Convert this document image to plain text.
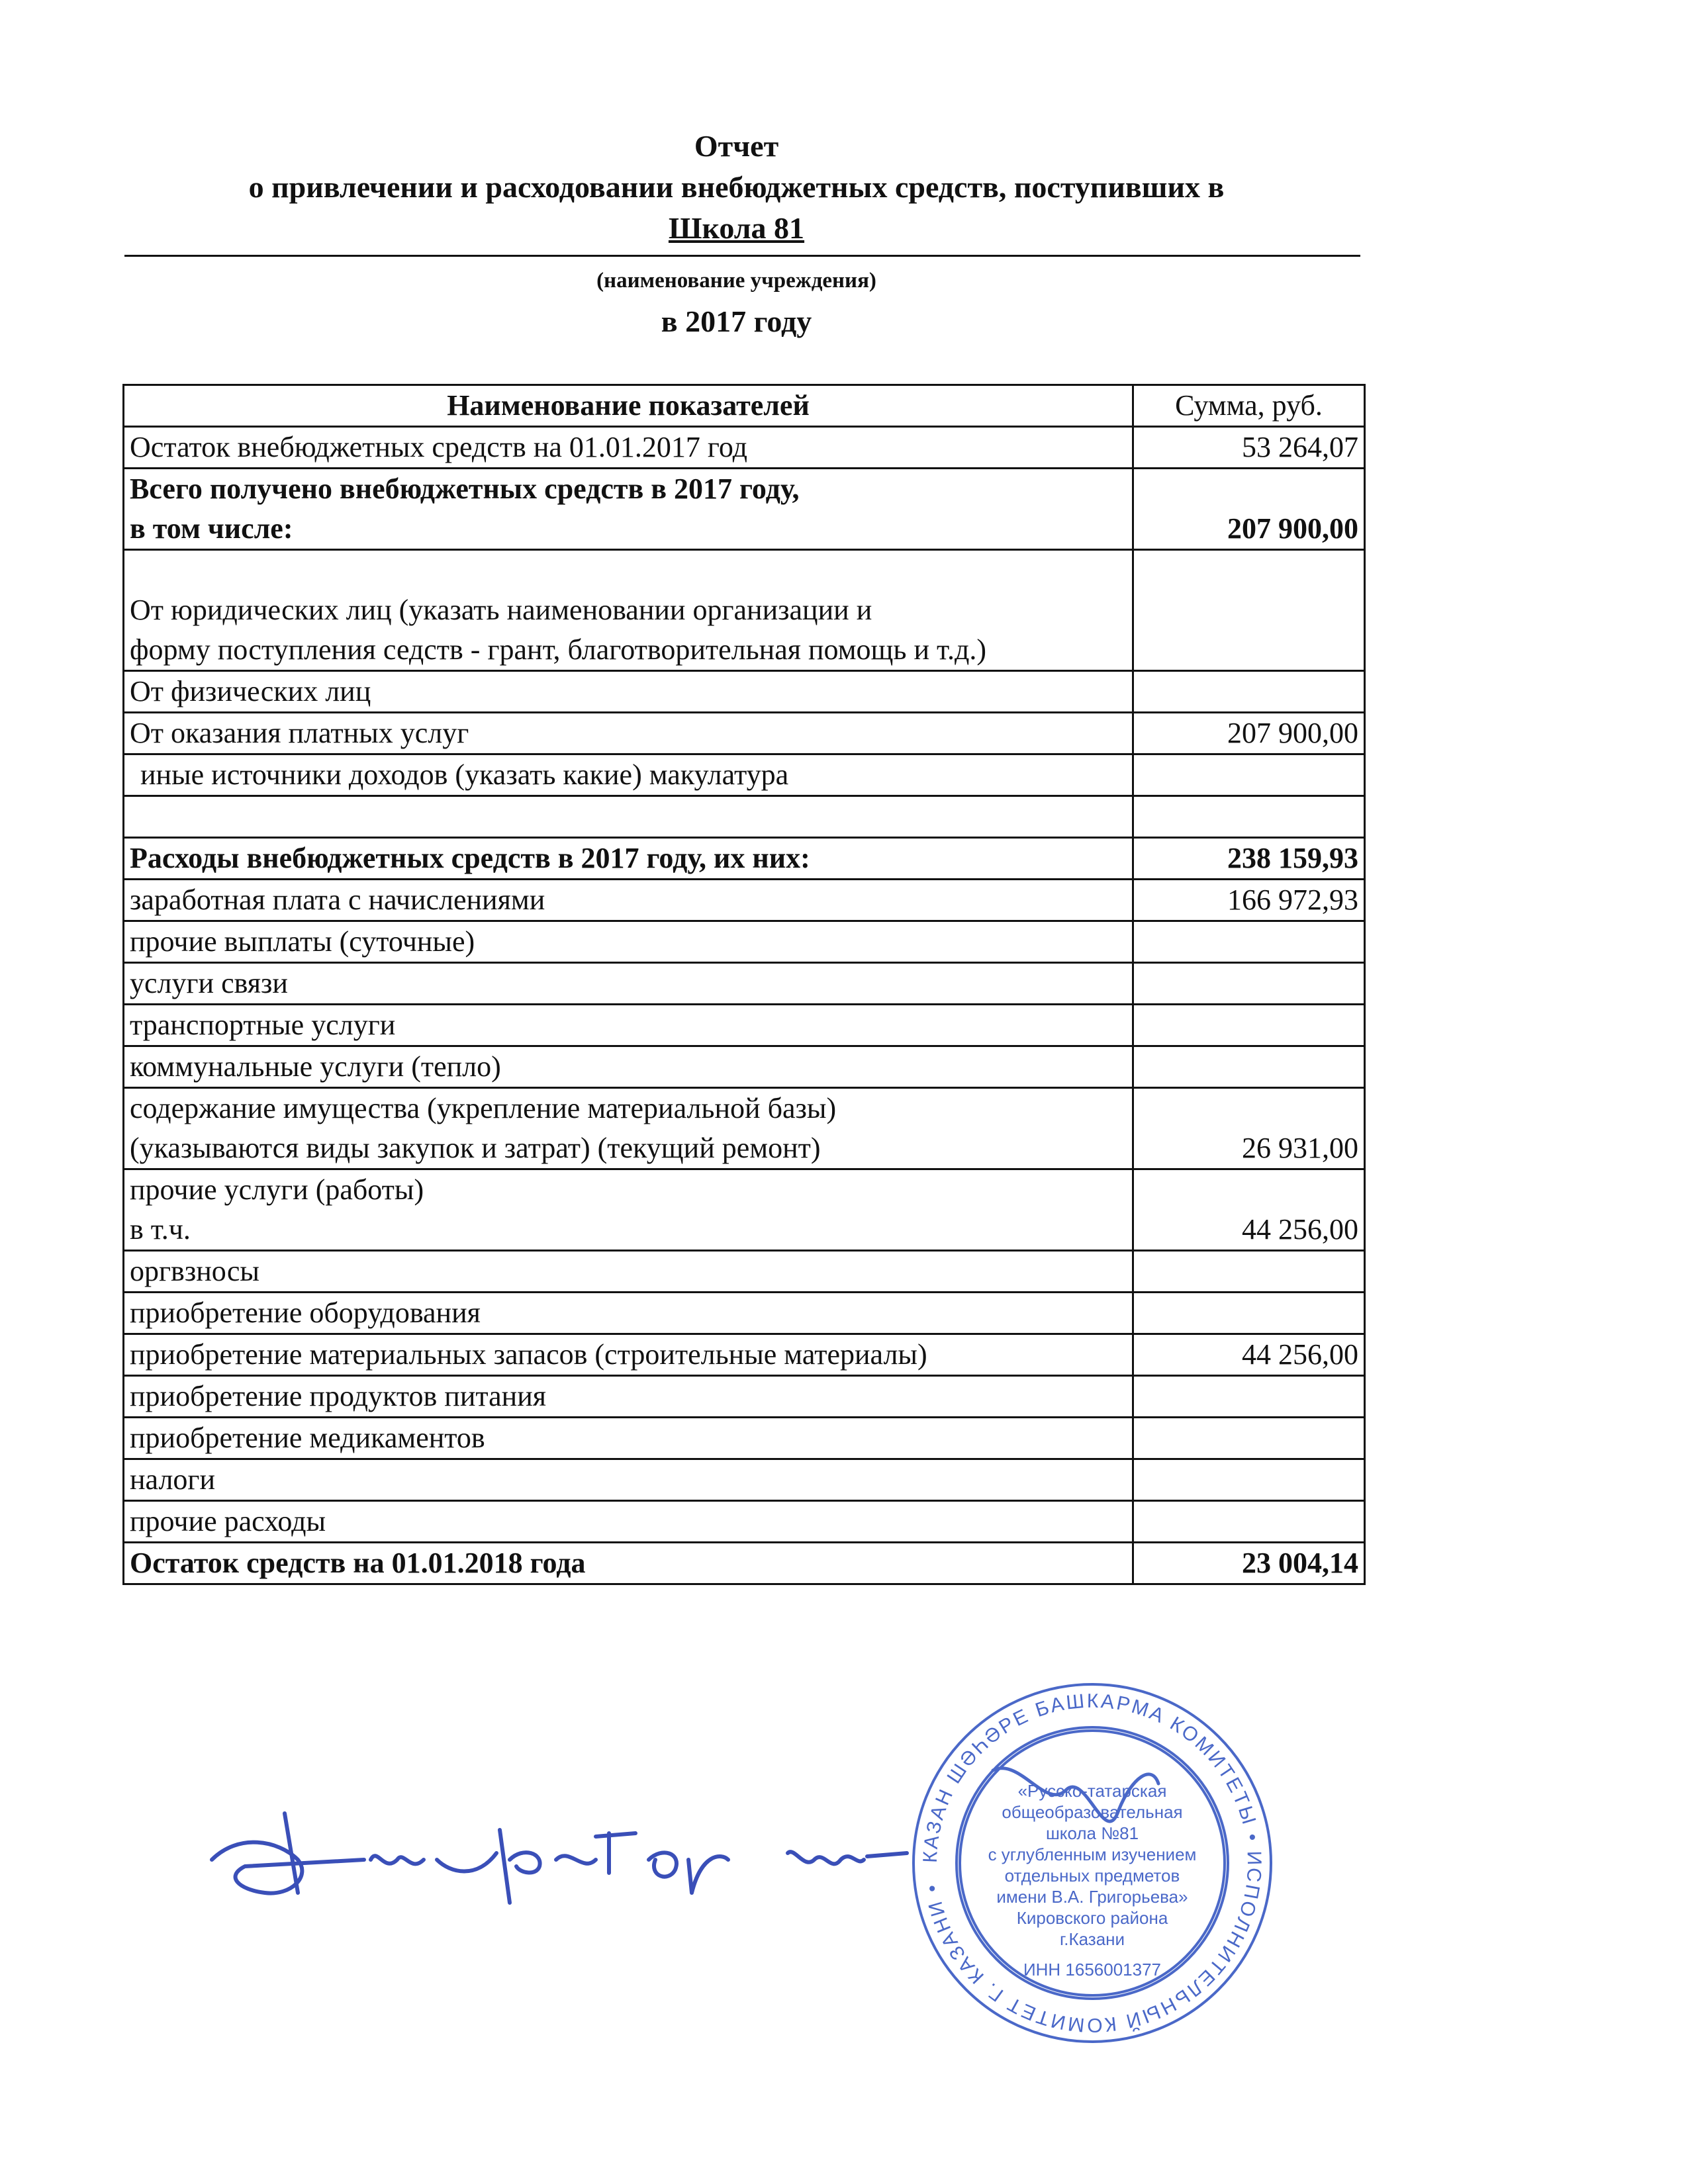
Отчет
о привлечении и расходовании внебюджетных средств, поступивших в
Школа 81
(наименование учреждения)
в 2017 году
Наименование показателей	Сумма, руб.

Остаток внебюджетных средств на 01.01.2017 год	53 264,07

Всего получено внебюджетных средств в 2017 году,
в том числе:	207 900,00

От юридических лиц (указать наименовании организации и
форму поступления седств - грант, благотворительная помощь и т.д.)	

От физических лиц	

От оказания платных услуг	207 900,00

иные источники доходов (указать какие) макулатура	

Расходы внебюджетных средств в 2017 году, их них:	238 159,93

заработная плата с начислениями	166 972,93

прочие выплаты (суточные)	

услуги связи	

транспортные услуги	

коммунальные услуги (тепло)	

содержание имущества (укрепление материальной базы)
(указываются виды закупок и затрат) (текущий ремонт)	26 931,00

прочие услуги (работы)
в т.ч.	44 256,00

оргвзносы	

приобретение оборудования	

приобретение материальных запасов (строительные материалы)	44 256,00

приобретение продуктов питания	

приобретение медикаментов	

налоги	

прочие расходы	

Остаток средств на 01.01.2018 года	23 004,14
КАЗАН ШӘҺӘРЕ БАШКАРМА КОМИТЕТЫ • ИСПОЛНИТЕЛЬНЫЙ КОМИТЕТ Г. КАЗАНИ •
«Русско-татарская
общеобразовательная
школа №81
с углубленным изучением
отдельных предметов
имени В.А. Григорьева»
Кировского района
г.Казани
ИНН 1656001377
